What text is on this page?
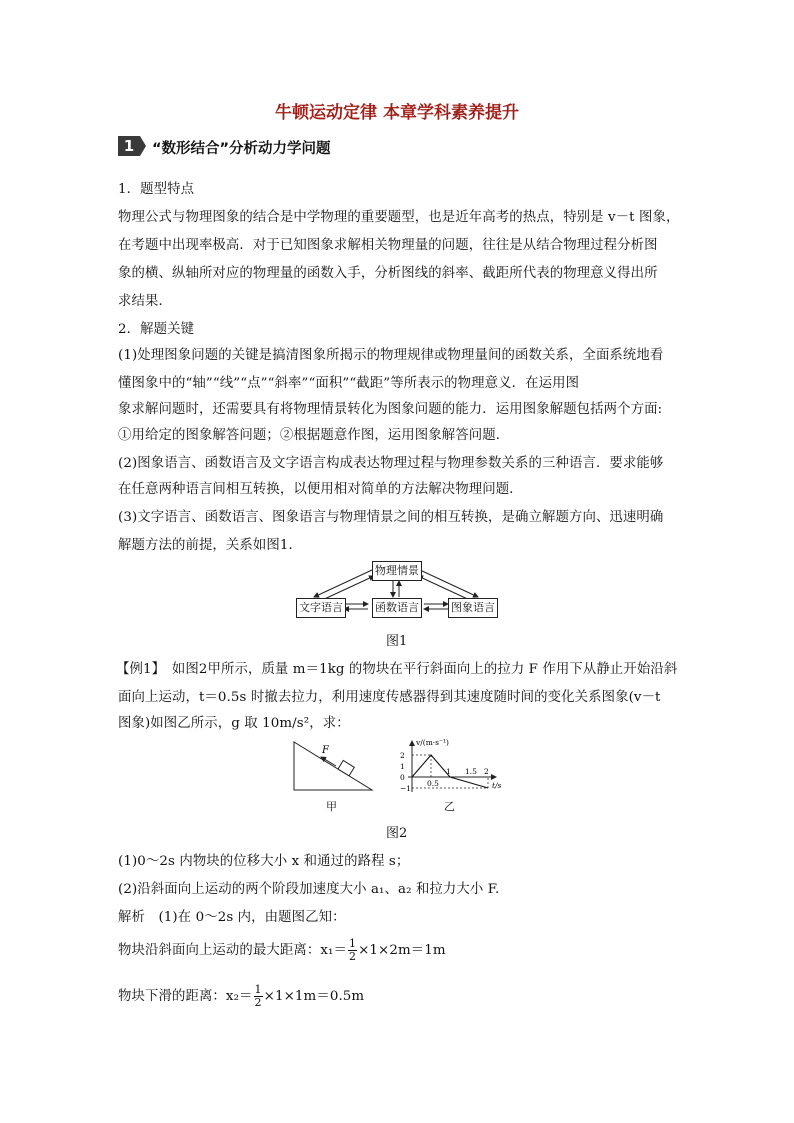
牛顿运动定律 本章学科素养提升
1	“数形结合”分析动力学问题
1．题型特点
物理公式与物理图象的结合是中学物理的重要题型，也是近年高考的热点，特别是 v－t 图象，
在考题中出现率极高．对于已知图象求解相关物理量的问题，往往是从结合物理过程分析图
象的横、纵轴所对应的物理量的函数入手，分析图线的斜率、截距所代表的物理意义得出所
求结果．
2．解题关键
(1)处理图象问题的关键是搞清图象所揭示的物理规律或物理量间的函数关系，全面系统地看
懂图象中的“轴”“线”“点”“斜率”“面积”“截距”等所表示的物理意义．在运用图
象求解问题时，还需要具有将物理情景转化为图象问题的能力．运用图象解题包括两个方面:
①用给定的图象解答问题；②根据题意作图，运用图象解答问题．
(2)图象语言、函数语言及文字语言构成表达物理过程与物理参数关系的三种语言．要求能够
在任意两种语言间相互转换，以便用相对简单的方法解决物理问题．
(3)文字语言、函数语言、图象语言与物理情景之间的相互转换，是确立解题方向、迅速明确
解题方法的前提，关系如图1．
物理情景
文字语言	函数语言	图象语言
图1
【例1】　如图2甲所示，质量 m＝1kg 的物块在平行斜面向上的拉力 F 作用下从静止开始沿斜
面向上运动，t＝0.5s 时撤去拉力，利用速度传感器得到其速度随时间的变化关系图象(v－t
图象)如图乙所示，g 取 10m/s²，求：
F
甲
v/(m·s⁻¹)
t/s
2
1
0
−1
0.5
1 1.5 2
乙
图2
(1)0～2s 内物块的位移大小 x 和通过的路程 s；
(2)沿斜面向上运动的两个阶段加速度大小 a₁、a₂ 和拉力大小 F.
解析　(1)在 0～2s 内，由题图乙知：
物块沿斜面向上运动的最大距离：$x_1= \frac{1}{2} \times 1\times 2m=1m$
物块下滑的距离：$x_2= \frac{1}{2} \times 1\times 1m=0.5m$
